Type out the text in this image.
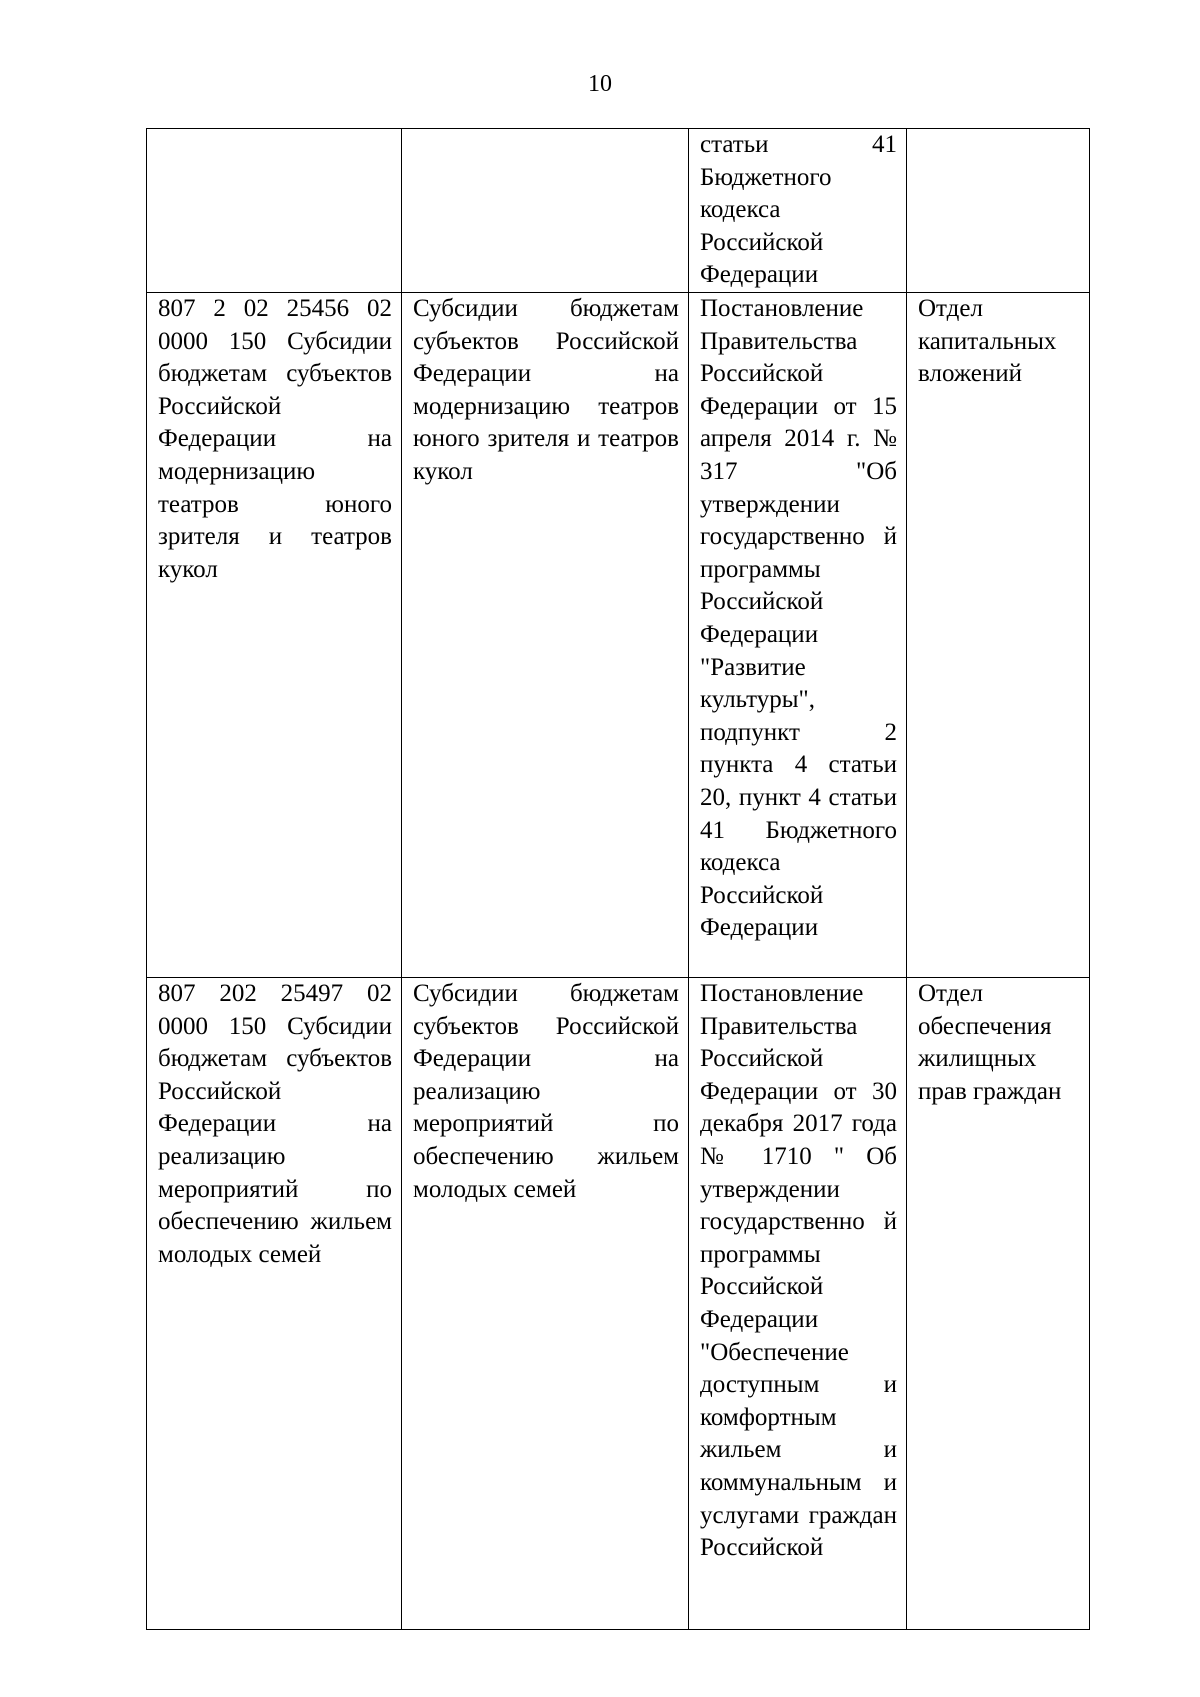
10

		статьи 41 Бюджетного кодекса Российской Федерации	

807 2 02 25456 02 0000 150 Субсидии бюджетам субъектов Российской Федерации на модернизацию театров юного зрителя и театров кукол	Субсидии бюджетам субъектов Российской Федерации на модернизацию театров юного зрителя и театров кукол	Постановление Правительства Российской Федерации от 15 апреля 2014 г. № 317 "Об утверждении государственно й программы Российской Федерации "Развитие культуры", подпункт 2 пункта 4 статьи 20, пункт 4 статьи 41 Бюджетного кодекса Российской Федерации	Отдел капитальных вложений

807 202 25497 02 0000 150 Субсидии бюджетам субъектов Российской Федерации на реализацию мероприятий по обеспечению жильем молодых семей	Субсидии бюджетам субъектов Российской Федерации на реализацию мероприятий по обеспечению жильем молодых семей	Постановление Правительства Российской Федерации от 30 декабря 2017 года № 1710 " Об утверждении государственно й программы Российской Федерации "Обеспечение доступным и комфортным жильем и коммунальным и услугами граждан Российской	Отдел обеспечения жилищных прав граждан
